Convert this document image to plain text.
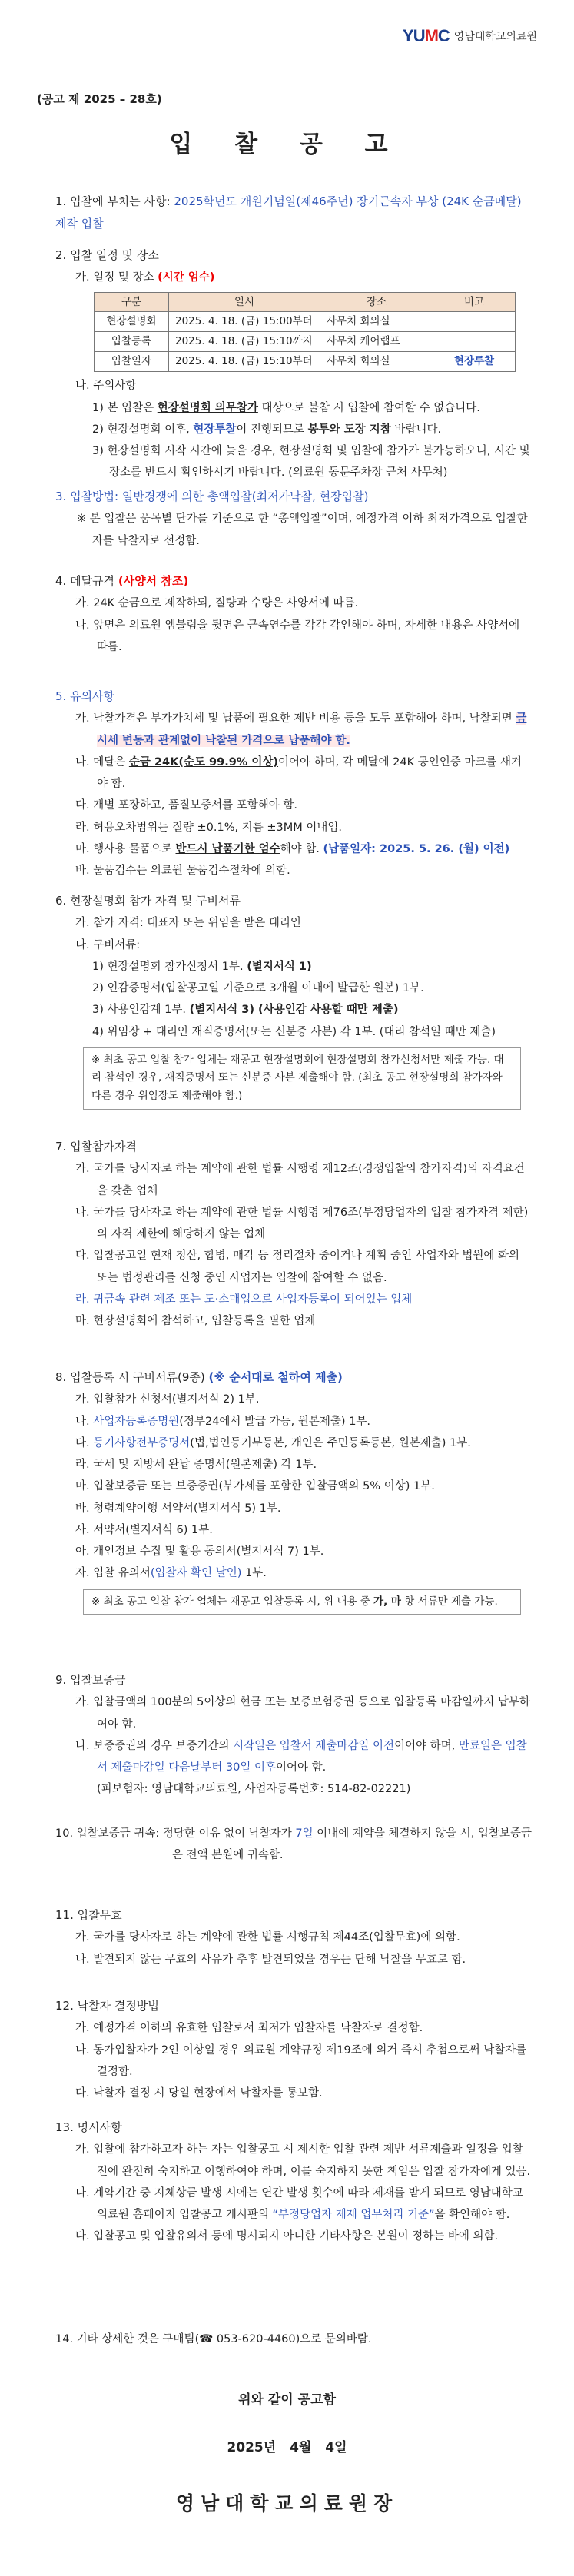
YUMC 영남대학교의료원
(공고 제 2025 – 28호)
입 찰 공 고
1. 입찰에 부치는 사항: 2025학년도 개원기념일(제46주년) 장기근속자 부상 (24K 순금메달) 제작 입찰
2. 입찰 일정 및 장소
가. 일정 및 장소 (시간 엄수)
구분	일시	장소	비고
현장설명회	2025. 4. 18. (금) 15:00부터	사무처 회의실	
입찰등록	2025. 4. 18. (금) 15:10까지	사무처 케어랩프	
입찰일자	2025. 4. 18. (금) 15:10부터	사무처 회의실	현장투찰
나. 주의사항
1) 본 입찰은 현장설명회 의무참가 대상으로 불참 시 입찰에 참여할 수 없습니다.
2) 현장설명회 이후, 현장투찰이 진행되므로 봉투와 도장 지참 바랍니다.
3) 현장설명회 시작 시간에 늦을 경우, 현장설명회 및 입찰에 참가가 불가능하오니, 시간 및 장소를 반드시 확인하시기 바랍니다. (의료원 동문주차장 근처 사무처)
3. 입찰방법: 일반경쟁에 의한 총액입찰(최저가낙찰, 현장입찰)
※ 본 입찰은 품목별 단가를 기준으로 한 “총액입찰”이며, 예정가격 이하 최저가격으로 입찰한 자를 낙찰자로 선정함.
4. 메달규격 (사양서 참조)
가. 24K 순금으로 제작하되, 질량과 수량은 사양서에 따름.
나. 앞면은 의료원 엠블럼을 뒷면은 근속연수를 각각 각인해야 하며, 자세한 내용은 사양서에 따름.
5. 유의사항
가. 낙찰가격은 부가가치세 및 납품에 필요한 제반 비용 등을 모두 포함해야 하며, 낙찰되면 금 시세 변동과 관계없이 낙찰된 가격으로 납품해야 함.
나. 메달은 순금 24K(순도 99.9% 이상)이어야 하며, 각 메달에 24K 공인인증 마크를 새겨야 함.
다. 개별 포장하고, 품질보증서를 포함해야 함.
라. 허용오차범위는 질량 ±0.1%, 지름 ±3MM 이내임.
마. 행사용 물품으로 반드시 납품기한 엄수해야 함. (납품일자: 2025. 5. 26. (월) 이전)
바. 물품검수는 의료원 물품검수절차에 의함.
6. 현장설명회 참가 자격 및 구비서류
가. 참가 자격: 대표자 또는 위임을 받은 대리인
나. 구비서류:
1) 현장설명회 참가신청서 1부. (별지서식 1)
2) 인감증명서(입찰공고일 기준으로 3개월 이내에 발급한 원본) 1부.
3) 사용인감계 1부. (별지서식 3) (사용인감 사용할 때만 제출)
4) 위임장 + 대리인 재직증명서(또는 신분증 사본) 각 1부. (대리 참석일 때만 제출)
※ 최초 공고 입찰 참가 업체는 재공고 현장설명회에 현장설명회 참가신청서만 제출 가능. 대리 참석인 경우, 재직증명서 또는 신분증 사본 제출해야 함. (최초 공고 현장설명회 참가자와 다른 경우 위임장도 제출해야 함.)
7. 입찰참가자격
가. 국가를 당사자로 하는 계약에 관한 법률 시행령 제12조(경쟁입찰의 참가자격)의 자격요건을 갖춘 업체
나. 국가를 당사자로 하는 계약에 관한 법률 시행령 제76조(부정당업자의 입찰 참가자격 제한)의 자격 제한에 해당하지 않는 업체
다. 입찰공고일 현재 청산, 합병, 매각 등 정리절차 중이거나 계획 중인 사업자와 법원에 화의 또는 법정관리를 신청 중인 사업자는 입찰에 참여할 수 없음.
라. 귀금속 관련 제조 또는 도·소매업으로 사업자등록이 되어있는 업체
마. 현장설명회에 참석하고, 입찰등록을 필한 업체
8. 입찰등록 시 구비서류(9종) (※ 순서대로 철하여 제출)
가. 입찰참가 신청서(별지서식 2) 1부.
나. 사업자등록증명원(정부24에서 발급 가능, 원본제출) 1부.
다. 등기사항전부증명서(법,법인등기부등본, 개인은 주민등록등본, 원본제출) 1부.
라. 국세 및 지방세 완납 증명서(원본제출) 각 1부.
마. 입찰보증금 또는 보증증권(부가세를 포함한 입찰금액의 5% 이상) 1부.
바. 청렴계약이행 서약서(별지서식 5) 1부.
사. 서약서(별지서식 6) 1부.
아. 개인정보 수집 및 활용 동의서(별지서식 7) 1부.
자. 입찰 유의서(입찰자 확인 날인) 1부.
※ 최초 공고 입찰 참가 업체는 재공고 입찰등록 시, 위 내용 중 가, 마 항 서류만 제출 가능.
9. 입찰보증금
가. 입찰금액의 100분의 5이상의 현금 또는 보증보험증권 등으로 입찰등록 마감일까지 납부하여야 함.
나. 보증증권의 경우 보증기간의 시작일은 입찰서 제출마감일 이전이어야 하며, 만료일은 입찰서 제출마감일 다음날부터 30일 이후이어야 함.
(피보험자: 영남대학교의료원, 사업자등록번호: 514-82-02221)
10. 입찰보증금 귀속: 정당한 이유 없이 낙찰자가 7일 이내에 계약을 체결하지 않을 시, 입찰보증금은 전액 본원에 귀속함.
11. 입찰무효
가. 국가를 당사자로 하는 계약에 관한 법률 시행규칙 제44조(입찰무효)에 의함.
나. 발견되지 않는 무효의 사유가 추후 발견되었을 경우는 단해 낙찰을 무효로 함.
12. 낙찰자 결정방법
가. 예정가격 이하의 유효한 입찰로서 최저가 입찰자를 낙찰자로 결정함.
나. 동가입찰자가 2인 이상일 경우 의료원 계약규정 제19조에 의거 즉시 추첨으로써 낙찰자를 결정함.
다. 낙찰자 결정 시 당일 현장에서 낙찰자를 통보함.
13. 명시사항
가. 입찰에 참가하고자 하는 자는 입찰공고 시 제시한 입찰 관련 제반 서류제출과 일정을 입찰 전에 완전히 숙지하고 이행하여야 하며, 이를 숙지하지 못한 책임은 입찰 참가자에게 있음.
나. 계약기간 중 지체상금 발생 시에는 연간 발생 횟수에 따라 제재를 받게 되므로 영남대학교 의료원 홈페이지 입찰공고 게시판의 “부정당업자 제재 업무처리 기준”을 확인해야 함.
다. 입찰공고 및 입찰유의서 등에 명시되지 아니한 기타사항은 본원이 정하는 바에 의함.
14. 기타 상세한 것은 구매팀(☎ 053-620-4460)으로 문의바람.
위와 같이 공고함
2025년 4월 4일
영남대학교의료원장
